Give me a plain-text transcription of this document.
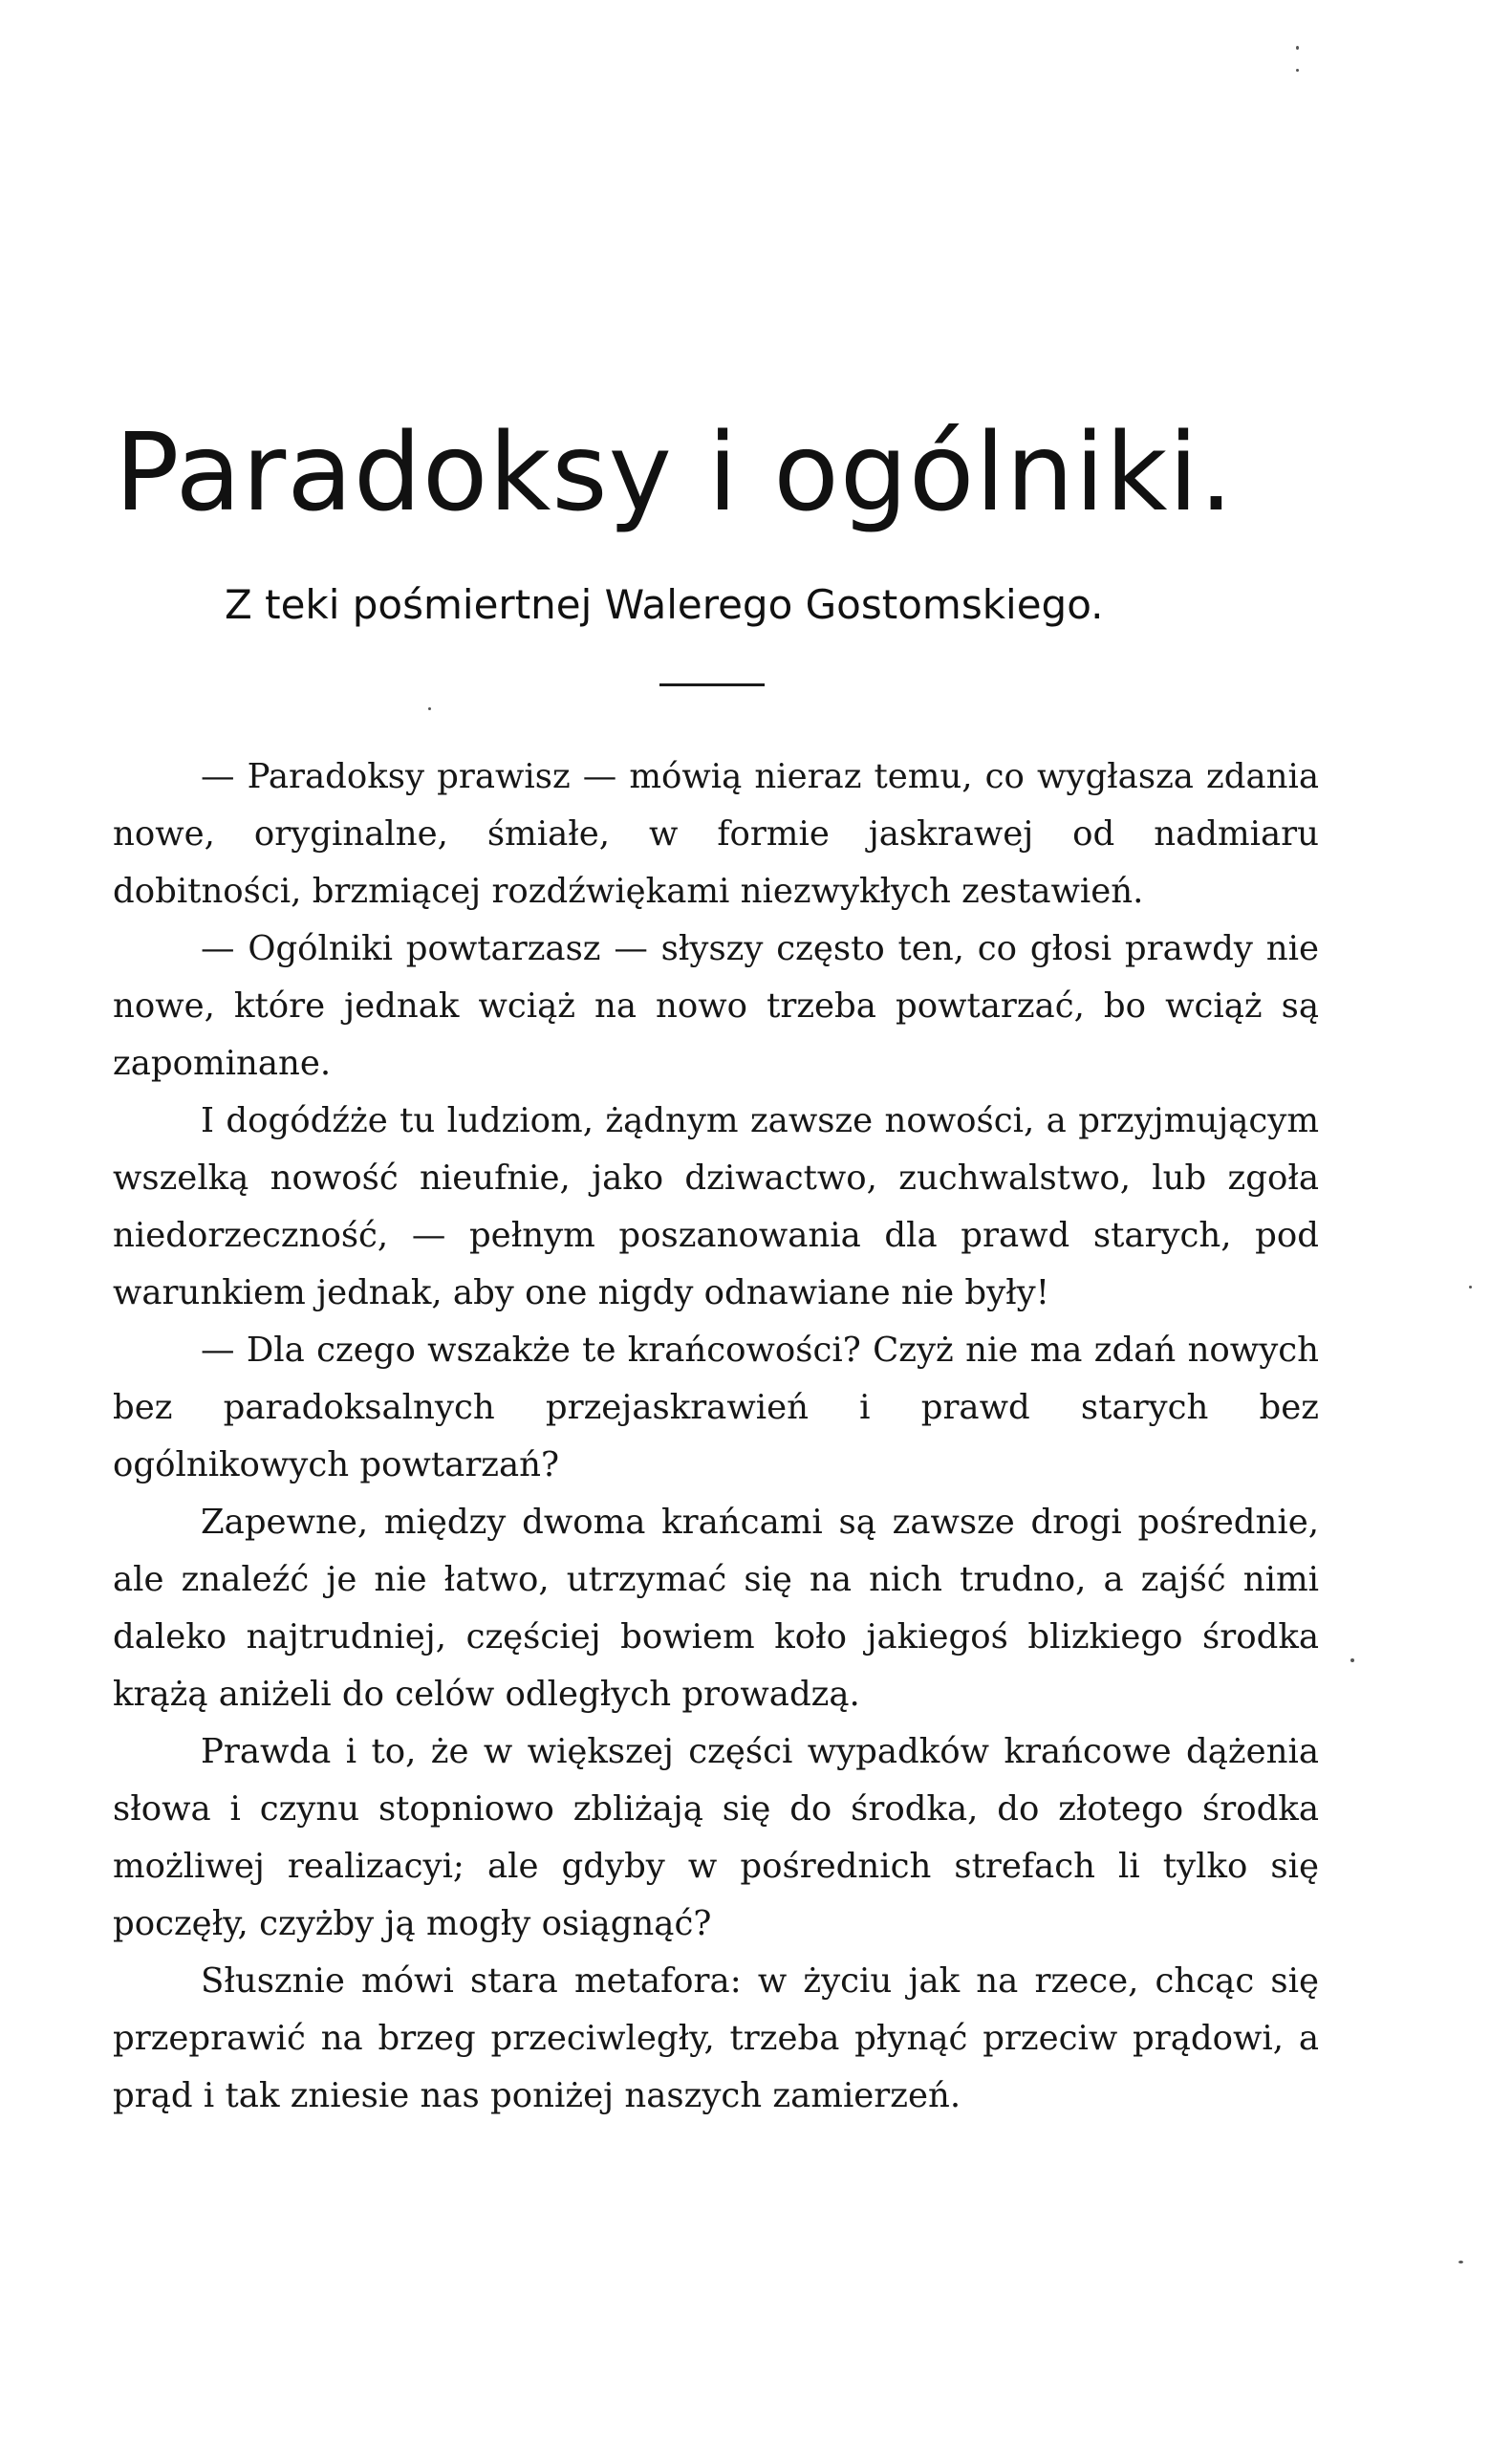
Paradoksy i ogólniki.
Z teki pośmiertnej Walerego Gostomskiego.

— Paradoksy prawisz — mówią nieraz temu, co wygłasza zdania nowe, oryginalne, śmiałe, w formie jaskrawej od nadmiaru dobitności, brzmiącej rozdźwiękami niezwykłych zestawień.

— Ogólniki powtarzasz — słyszy często ten, co głosi prawdy nie nowe, które jednak wciąż na nowo trzeba powtarzać, bo wciąż są zapominane.

I dogódźże tu ludziom, żądnym zawsze nowości, a przyjmującym wszelką nowość nieufnie, jako dziwactwo, zuchwalstwo, lub zgoła niedorzeczność, — pełnym poszanowania dla prawd starych, pod warunkiem jednak, aby one nigdy odnawiane nie były!

— Dla czego wszakże te krańcowości? Czyż nie ma zdań nowych bez paradoksalnych przejaskrawień i prawd starych bez ogólnikowych powtarzań?

Zapewne, między dwoma krańcami są zawsze drogi pośrednie, ale znaleźć je nie łatwo, utrzymać się na nich trudno, a zajść nimi daleko najtrudniej, częściej bowiem koło jakiegoś blizkiego środka krążą aniżeli do celów odległych prowadzą.

Prawda i to, że w większej części wypadków krańcowe dążenia słowa i czynu stopniowo zbliżają się do środka, do złotego środka możliwej realizacyi; ale gdyby w pośrednich strefach li tylko się poczęły, czyżby ją mogły osiągnąć?

Słusznie mówi stara metafora: w życiu jak na rzece, chcąc się przeprawić na brzeg przeciwległy, trzeba płynąć przeciw prądowi, a prąd i tak zniesie nas poniżej naszych zamierzeń.
